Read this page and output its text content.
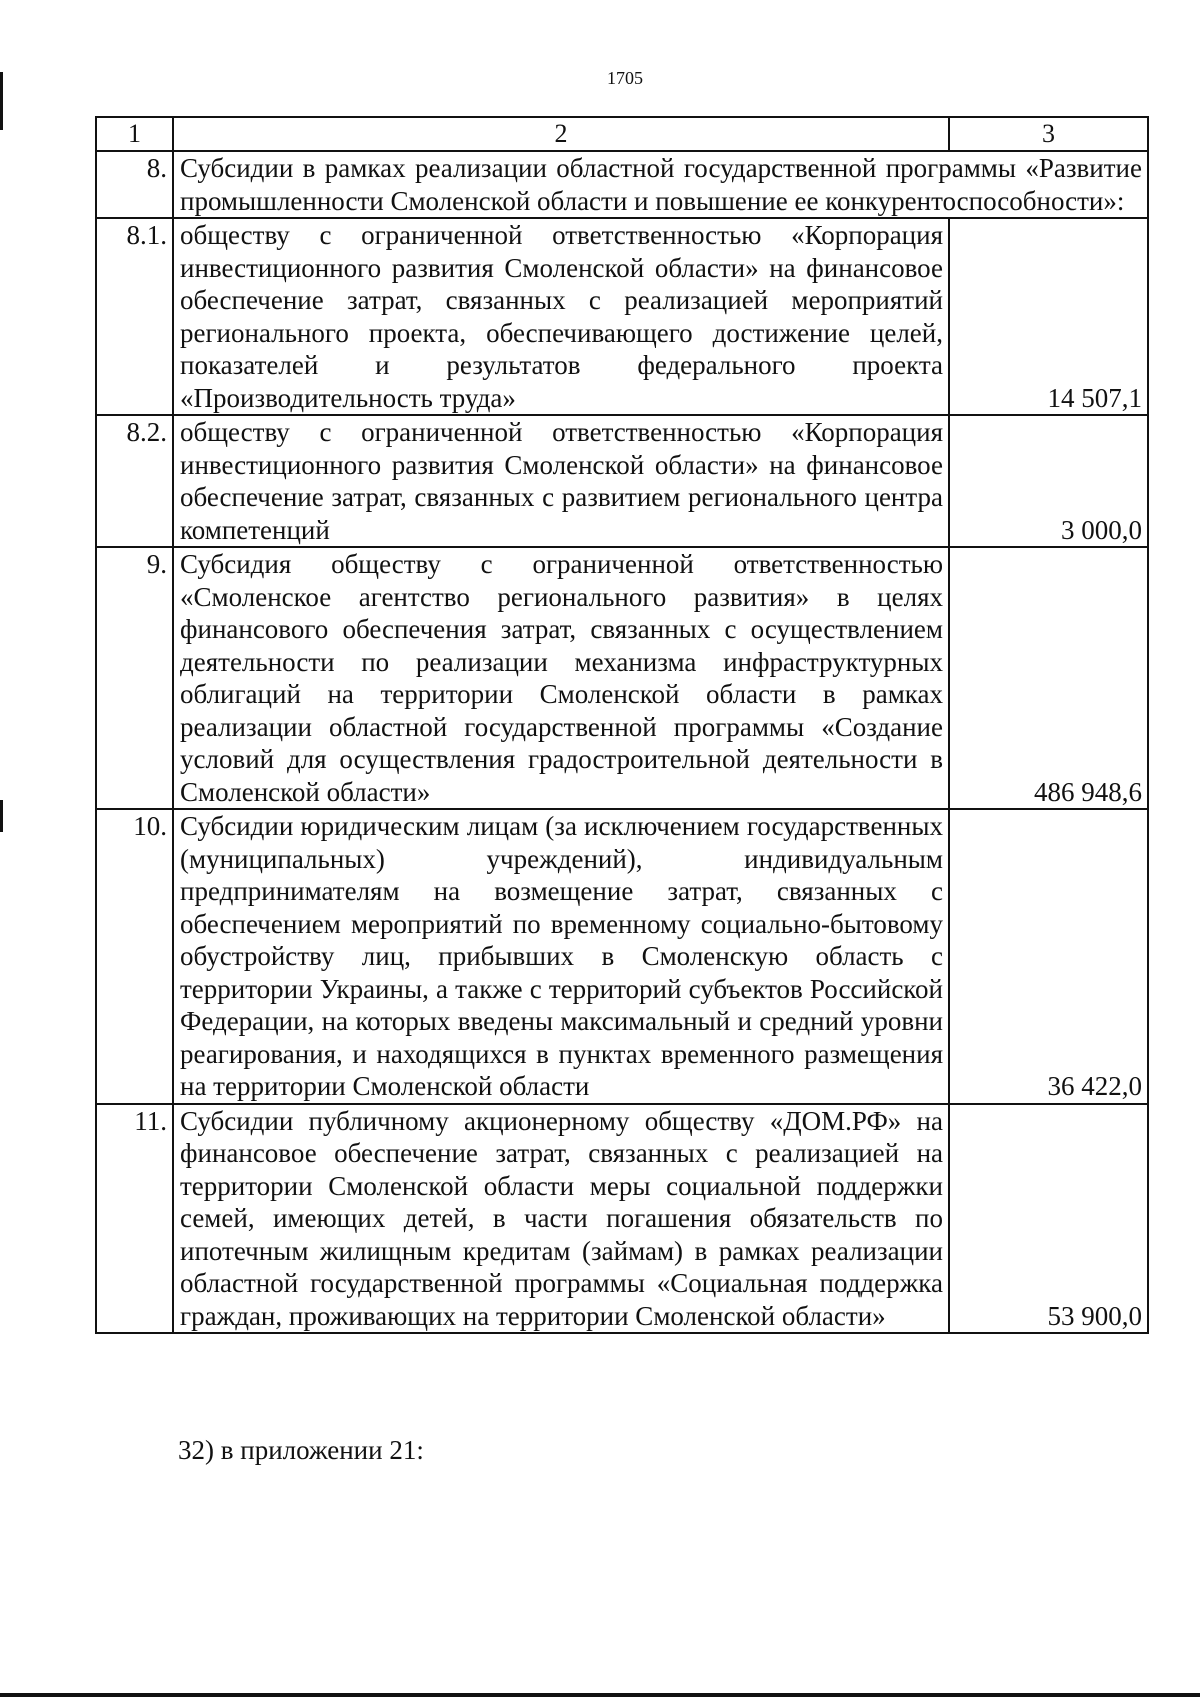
1705
1	2	3
8.	Субсидии в рамках реализации областной государственной программы «Развитие промышленности Смоленской области и повышение ее конкурентоспособности»:	
8.1.	обществу с ограниченной ответственностью «Корпорация инвестиционного развития Смоленской области» на финансовое обеспечение затрат, связанных с реализацией мероприятий регионального проекта, обеспечивающего достижение целей, показателей и результатов федерального проекта «Производительность труда»	14 507,1
8.2.	обществу с ограниченной ответственностью «Корпорация инвестиционного развития Смоленской области» на финансовое обеспечение затрат, связанных с развитием регионального центра компетенций	3 000,0
9.	Субсидия обществу с ограниченной ответственностью «Смоленское агентство регионального развития» в целях финансового обеспечения затрат, связанных с осуществлением деятельности по реализации механизма инфраструктурных облигаций на территории Смоленской области в рамках реализации областной государственной программы «Создание условий для осуществления градостроительной деятельности в Смоленской области»	486 948,6
10.	Субсидии юридическим лицам (за исключением государственных (муниципальных) учреждений), индивидуальным предпринимателям на возмещение затрат, связанных с обеспечением мероприятий по временному социально-бытовому обустройству лиц, прибывших в Смоленскую область с территории Украины, а также с территорий субъектов Российской Федерации, на которых введены максимальный и средний уровни реагирования, и находящихся в пунктах временного размещения на территории Смоленской области	36 422,0
11.	Субсидии публичному акционерному обществу «ДОМ.РФ» на финансовое обеспечение затрат, связанных с реализацией на территории Смоленской области меры социальной поддержки семей, имеющих детей, в части погашения обязательств по ипотечным жилищным кредитам (займам) в рамках реализации областной государственной программы «Социальная поддержка граждан, проживающих на территории Смоленской области»	53 900,0
32) в приложении 21:
